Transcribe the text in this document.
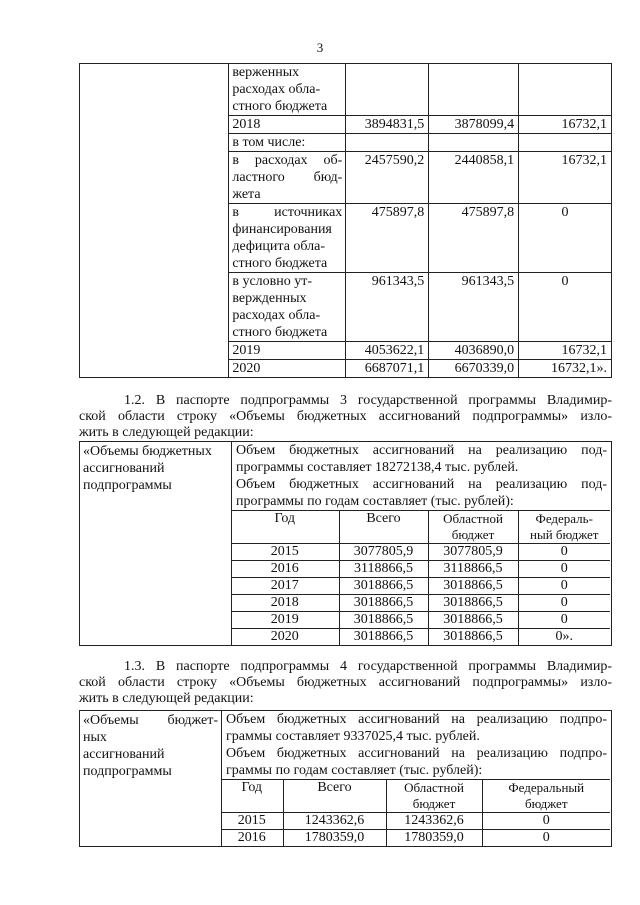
3

	верженных
расходах обла-
стного бюджета			

	2018	3894831,5	3878099,4	16732,1
	в том числе:			

	в расходах об-
ластного бюд-
жета	2457590,2	2440858,1	16732,1

	в источниках
финансирования
дефицита обла-
стного бюджета	475897,8	475897,8	0

	в условно ут-
вержденных
расходах обла-
стного бюджета	961343,5	961343,5	0
	2019	4053622,1	4036890,0	16732,1
	2020	6687071,1	6670339,0	16732,1».

1.2. В паспорте подпрограммы 3 государственной программы Владимир-
ской области строку «Объемы бюджетных ассигнований подпрограммы» изло-
жить в следующей редакции:

«Объемы бюджетных
ассигнований
подпрограммы

Объем бюджетных ассигнований на реализацию под-
программы составляет 18272138,4 тыс. рублей.
Объем бюджетных ассигнований на реализацию под-
программы по годам составляет (тыс. рублей):
Год	Всего	Областной
бюджет

Федераль-
ный бюджет

2015	3077805,9	3077805,9	0
2016	3118866,5	3118866,5	0
2017	3018866,5	3018866,5	0
2018	3018866,5	3018866,5	0
2019	3018866,5	3018866,5	0
2020	3018866,5	3018866,5	0».

1.3. В паспорте подпрограммы 4 государственной программы Владимир-
ской области строку «Объемы бюджетных ассигнований подпрограммы» изло-
жить в следующей редакции:

«Объемы бюджет-
ных
ассигнований
подпрограммы

Объем бюджетных ассигнований на реализацию подпро-
граммы составляет 9337025,4 тыс. рублей.
Объем бюджетных ассигнований на реализацию подпро-
граммы по годам составляет (тыс. рублей):
Год	Всего	Областной
бюджет

Федеральный
бюджет

2015	1243362,6	1243362,6	0
2016	1780359,0	1780359,0	0
